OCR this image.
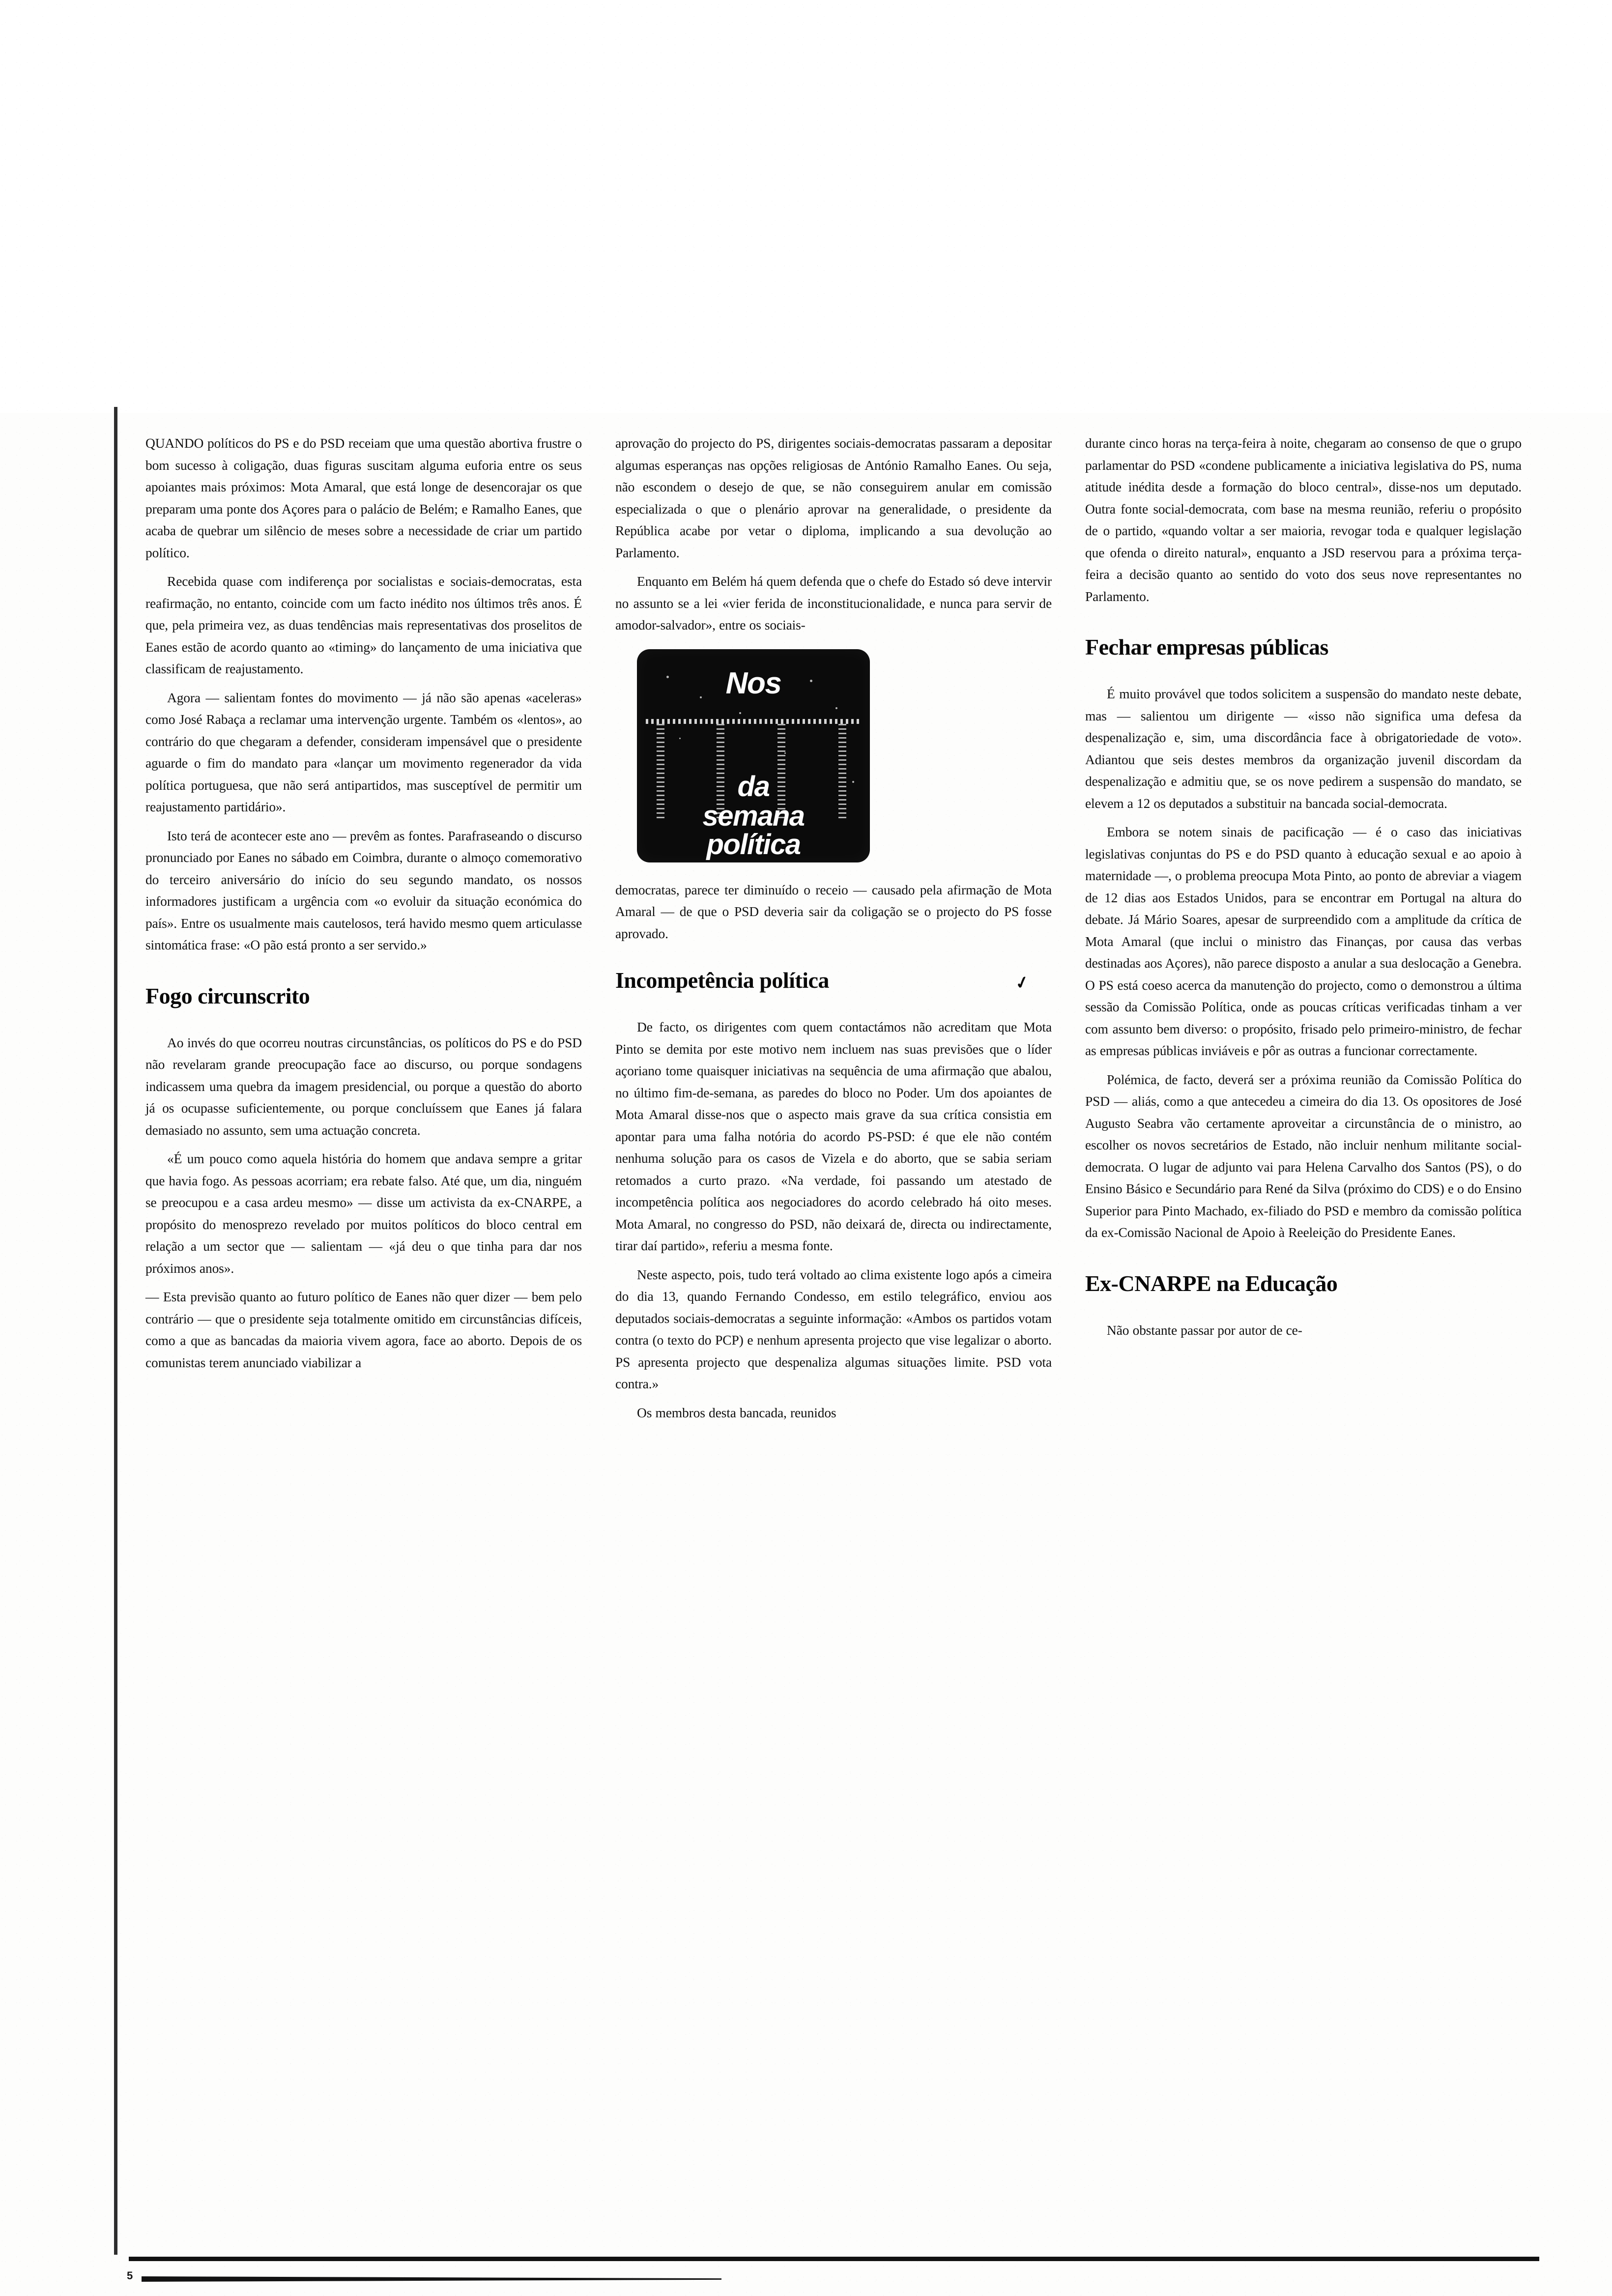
QUANDO políticos do PS e do PSD receiam que uma questão abortiva frustre o bom sucesso à coligação, duas figuras suscitam alguma euforia entre os seus apoiantes mais próximos: Mota Amaral, que está longe de desencorajar os que preparam uma ponte dos Açores para o palácio de Belém; e Ramalho Eanes, que acaba de quebrar um silêncio de meses sobre a necessidade de criar um partido político.

Recebida quase com indiferença por socialistas e sociais-democratas, esta reafirmação, no entanto, coincide com um facto inédito nos últimos três anos. É que, pela primeira vez, as duas tendências mais representativas dos proselitos de Eanes estão de acordo quanto ao «timing» do lançamento de uma iniciativa que classificam de reajustamento.

Agora — salientam fontes do movimento — já não são apenas «aceleras» como José Rabaça a reclamar uma intervenção urgente. Também os «lentos», ao contrário do que chegaram a defender, consideram impensável que o presidente aguarde o fim do mandato para «lançar um movimento regenerador da vida política portuguesa, que não será antipartidos, mas susceptível de permitir um reajustamento partidário».

Isto terá de acontecer este ano — prevêm as fontes. Parafraseando o discurso pronunciado por Eanes no sábado em Coimbra, durante o almoço comemorativo do terceiro aniversário do início do seu segundo mandato, os nossos informadores justificam a urgência com «o evoluir da situação económica do país». Entre os usualmente mais cautelosos, terá havido mesmo quem articulasse sintomática frase: «O pão está pronto a ser servido.»

Fogo circunscrito

Ao invés do que ocorreu noutras circunstâncias, os políticos do PS e do PSD não revelaram grande preocupação face ao discurso, ou porque sondagens indicassem uma quebra da imagem presidencial, ou porque a questão do aborto já os ocupasse suficientemente, ou porque concluíssem que Eanes já falara demasiado no assunto, sem uma actuação concreta.

«É um pouco como aquela história do homem que andava sempre a gritar que havia fogo. As pessoas acorriam; era rebate falso. Até que, um dia, ninguém se preocupou e a casa ardeu mesmo» — disse um activista da ex-CNARPE, a propósito do menosprezo revelado por muitos políticos do bloco central em relação a um sector que — salientam — «já deu o que tinha para dar nos próximos anos».

— Esta previsão quanto ao futuro político de Eanes não quer dizer — bem pelo contrário — que o presidente seja totalmente omitido em circunstâncias difíceis, como a que as bancadas da maioria vivem agora, face ao aborto. Depois de os comunistas terem anunciado viabilizar a

aprovação do projecto do PS, dirigentes sociais-democratas passaram a depositar algumas esperanças nas opções religiosas de António Ramalho Eanes. Ou seja, não escondem o desejo de que, se não conseguirem anular em comissão especializada o que o plenário aprovar na generalidade, o presidente da República acabe por vetar o diploma, implicando a sua devolução ao Parlamento.

Enquanto em Belém há quem defenda que o chefe do Estado só deve intervir no assunto se a lei «vier ferida de inconstitucionalidade, e nunca para servir de amodor-salvador», entre os sociais-

Nos
da
semana
política

democratas, parece ter diminuído o receio — causado pela afirmação de Mota Amaral — de que o PSD deveria sair da coligação se o projecto do PS fosse aprovado.

✓
Incompetência política

De facto, os dirigentes com quem contactámos não acreditam que Mota Pinto se demita por este motivo nem incluem nas suas previsões que o líder açoriano tome quaisquer iniciativas na sequência de uma afirmação que abalou, no último fim-de-semana, as paredes do bloco no Poder. Um dos apoiantes de Mota Amaral disse-nos que o aspecto mais grave da sua crítica consistia em apontar para uma falha notória do acordo PS-PSD: é que ele não contém nenhuma solução para os casos de Vizela e do aborto, que se sabia seriam retomados a curto prazo. «Na verdade, foi passando um atestado de incompetência política aos negociadores do acordo celebrado há oito meses. Mota Amaral, no congresso do PSD, não deixará de, directa ou indirectamente, tirar daí partido», referiu a mesma fonte.

Neste aspecto, pois, tudo terá voltado ao clima existente logo após a cimeira do dia 13, quando Fernando Condesso, em estilo telegráfico, enviou aos deputados sociais-democratas a seguinte informação: «Ambos os partidos votam contra (o texto do PCP) e nenhum apresenta projecto que vise legalizar o aborto. PS apresenta projecto que despenaliza algumas situações limite. PSD vota contra.»

Os membros desta bancada, reunidos

durante cinco horas na terça-feira à noite, chegaram ao consenso de que o grupo parlamentar do PSD «condene publicamente a iniciativa legislativa do PS, numa atitude inédita desde a formação do bloco central», disse-nos um deputado. Outra fonte social-democrata, com base na mesma reunião, referiu o propósito de o partido, «quando voltar a ser maioria, revogar toda e qualquer legislação que ofenda o direito natural», enquanto a JSD reservou para a próxima terça-feira a decisão quanto ao sentido do voto dos seus nove representantes no Parlamento.

Fechar empresas públicas

É muito provável que todos solicitem a suspensão do mandato neste debate, mas — salientou um dirigente — «isso não significa uma defesa da despenalização e, sim, uma discordância face à obrigatoriedade de voto». Adiantou que seis destes membros da organização juvenil discordam da despenalização e admitiu que, se os nove pedirem a suspensão do mandato, se elevem a 12 os deputados a substituir na bancada social-democrata.

Embora se notem sinais de pacificação — é o caso das iniciativas legislativas conjuntas do PS e do PSD quanto à educação sexual e ao apoio à maternidade —, o problema preocupa Mota Pinto, ao ponto de abreviar a viagem de 12 dias aos Estados Unidos, para se encontrar em Portugal na altura do debate. Já Mário Soares, apesar de surpreendido com a amplitude da crítica de Mota Amaral (que inclui o ministro das Finanças, por causa das verbas destinadas aos Açores), não parece disposto a anular a sua deslocação a Genebra. O PS está coeso acerca da manutenção do projecto, como o demonstrou a última sessão da Comissão Política, onde as poucas críticas verificadas tinham a ver com assunto bem diverso: o propósito, frisado pelo primeiro-ministro, de fechar as empresas públicas inviáveis e pôr as outras a funcionar correctamente.

Polémica, de facto, deverá ser a próxima reunião da Comissão Política do PSD — aliás, como a que antecedeu a cimeira do dia 13. Os opositores de José Augusto Seabra vão certamente aproveitar a circunstância de o ministro, ao escolher os novos secretários de Estado, não incluir nenhum militante social-democrata. O lugar de adjunto vai para Helena Carvalho dos Santos (PS), o do Ensino Básico e Secundário para René da Silva (próximo do CDS) e o do Ensino Superior para Pinto Machado, ex-filiado do PSD e membro da comissão política da ex-Comissão Nacional de Apoio à Reeleição do Presidente Eanes.

Ex-CNARPE na Educação

Não obstante passar por autor de ce-

5
